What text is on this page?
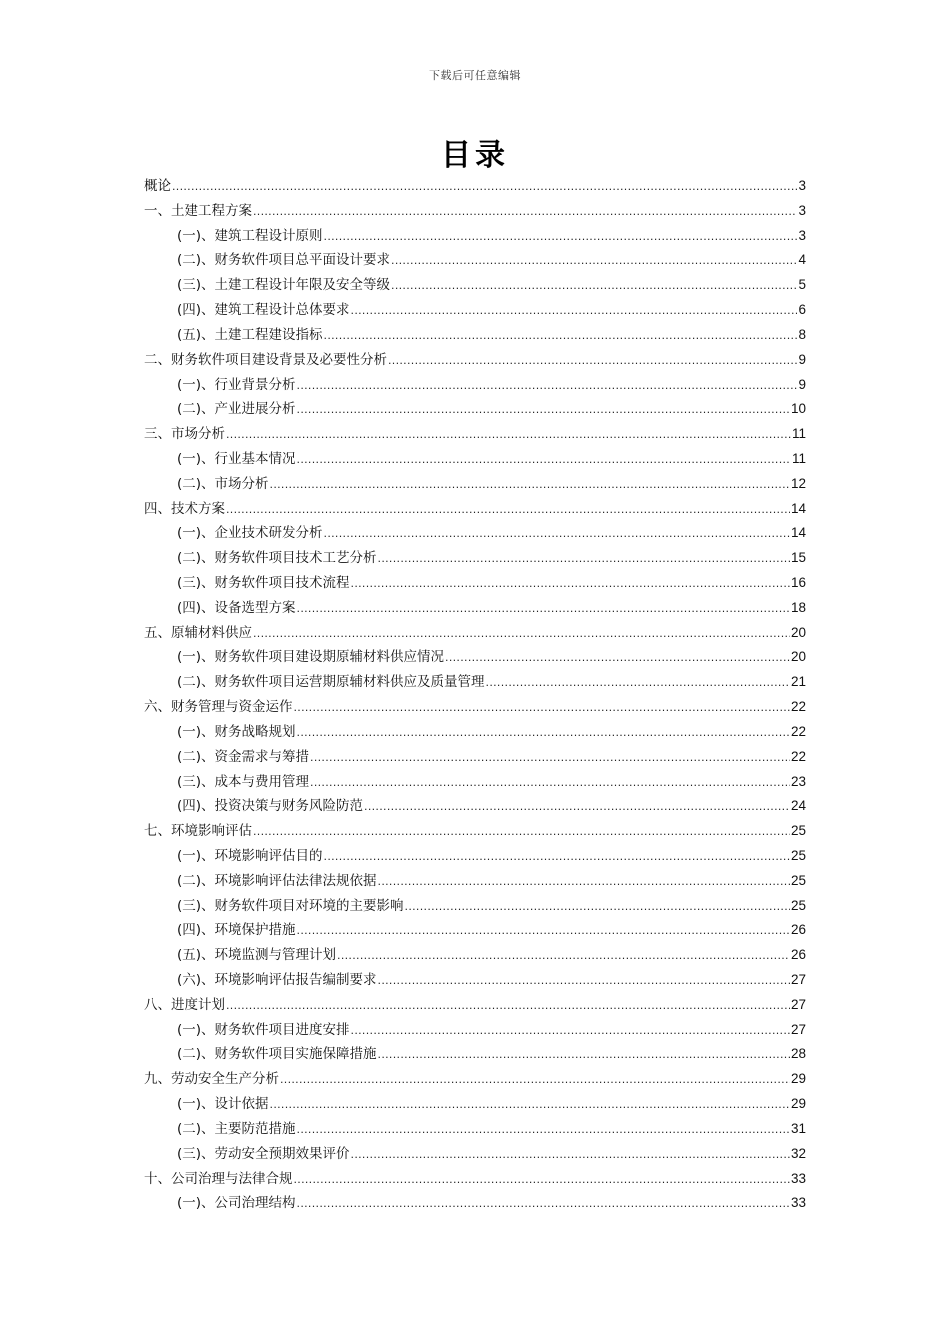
下载后可任意编辑
目录
概论 .....	3
一、土建工程方案 .....	3
(一)、建筑工程设计原则 .....	3
(二)、财务软件项目总平面设计要求 .....	4
(三)、土建工程设计年限及安全等级 .....	5
(四)、建筑工程设计总体要求 .....	6
(五)、土建工程建设指标 .....	8
二、财务软件项目建设背景及必要性分析 .....	9
(一)、行业背景分析 .....	9
(二)、产业进展分析 .....	10
三、市场分析 .....	11
(一)、行业基本情况 .....	11
(二)、市场分析 .....	12
四、技术方案 .....	14
(一)、企业技术研发分析 .....	14
(二)、财务软件项目技术工艺分析 .....	15
(三)、财务软件项目技术流程 .....	16
(四)、设备选型方案 .....	18
五、原辅材料供应 .....	20
(一)、财务软件项目建设期原辅材料供应情况 .....	20
(二)、财务软件项目运营期原辅材料供应及质量管理 .....	21
六、财务管理与资金运作 .....	22
(一)、财务战略规划 .....	22
(二)、资金需求与筹措 .....	22
(三)、成本与费用管理 .....	23
(四)、投资决策与财务风险防范 .....	24
七、环境影响评估 .....	25
(一)、环境影响评估目的 .....	25
(二)、环境影响评估法律法规依据 .....	25
(三)、财务软件项目对环境的主要影响 .....	25
(四)、环境保护措施 .....	26
(五)、环境监测与管理计划 .....	26
(六)、环境影响评估报告编制要求 .....	27
八、进度计划 .....	27
(一)、财务软件项目进度安排 .....	27
(二)、财务软件项目实施保障措施 .....	28
九、劳动安全生产分析 .....	29
(一)、设计依据 .....	29
(二)、主要防范措施 .....	31
(三)、劳动安全预期效果评价 .....	32
十、公司治理与法律合规 .....	33
(一)、公司治理结构 .....	33
